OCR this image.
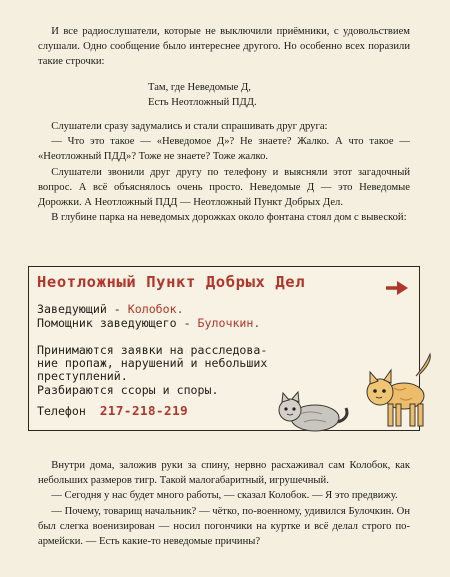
И все радиослушатели, которые не выключили приёмники, с удовольствием слушали. Одно сообщение было интереснее другого. Но особенно всех поразили такие строчки:

Там, где Неведомые Д,
Есть Неотложный ПДД.

Слушатели сразу задумались и стали спрашивать друг друга:

— Что это такое — «Неведомое Д»? Не знаете? Жалко. А что такое — «Неотложный ПДД»? Тоже не знаете? Тоже жалко.

Слушатели звонили друг другу по телефону и выясняли этот загадочный вопрос. А всё объяснялось очень просто. Неведомые Д — это Неведомые Дорожки. А Неотложный ПДД — Неотложный Пункт Добрых Дел.

В глубине парка на неведомых дорожках около фонтана стоял дом с вывеской:

Неотложный Пункт Добрых Дел
Заведующий - Колобок.
Помощник заведующего - Булочкин.
Принимаются заявки на расследова-
ние пропаж, нарушений и небольших
преступлений.
Разбираются ссоры и споры.
Телефон 217-218-219

Внутри дома, заложив руки за спину, нервно расхаживал сам Колобок, как небольших размеров тигр. Такой малогабаритный, игрушечный.

— Сегодня у нас будет много работы, — сказал Колобок. — Я это предвижу.

— Почему, товарищ начальник? — чётко, по-военному, удивился Булочкин. Он был слегка военизирован — носил погончики на куртке и всё делал строго по-армейски. — Есть какие-то неведомые причины?
